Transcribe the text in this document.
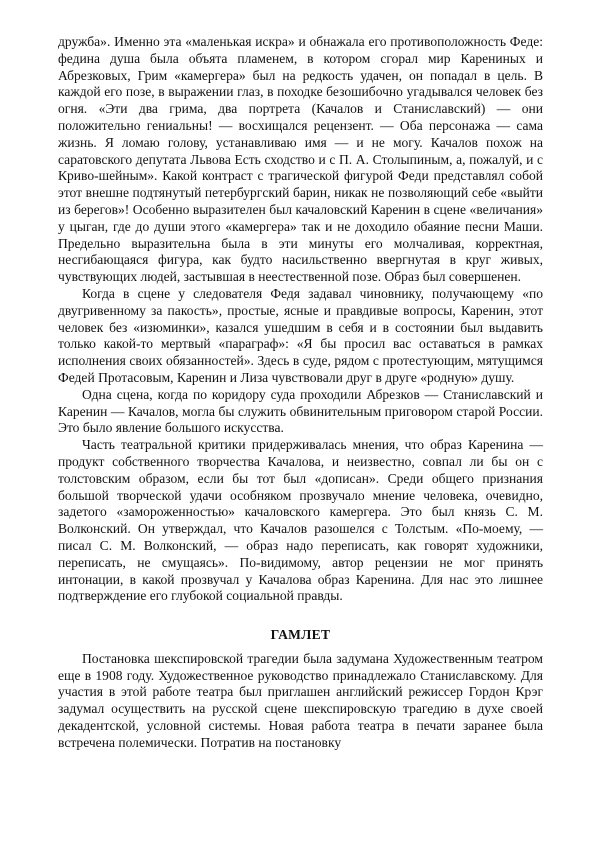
дружба». Именно эта «маленькая искра» и обнажала его противоположность Феде: федина душа была объята пламенем, в котором сгорал мир Карениных и Абрезковых, Грим «камергера» был на редкость удачен, он попадал в цель. В каждой его позе, в выражении глаз, в походке безошибочно угадывался человек без огня. «Эти два грима, два портрета (Качалов и Станиславский) — они положительно гениальны! — восхищался рецензент. — Оба персонажа — сама жизнь. Я ломаю голову, устанавливаю имя — и не могу. Качалов похож на саратовского депутата Львова Есть сходство и с П. А. Столыпиным, а, пожалуй, и с Криво-шейным». Какой контраст с трагической фигурой Феди представлял собой этот внешне подтянутый петербургский барин, никак не позволяющий себе «выйти из берегов»! Особенно выразителен был качаловский Каренин в сцене «величания» у цыган, где до души этого «камергера» так и не доходило обаяние песни Маши. Предельно выразительна была в эти минуты его молчаливая, корректная, несгибающаяся фигура, как будто насильственно ввергнутая в круг живых, чувствующих людей, застывшая в неестественной позе. Образ был совершенен.

Когда в сцене у следователя Федя задавал чиновнику, получающему «по двугривенному за пакость», простые, ясные и правдивые вопросы, Каренин, этот человек без «изюминки», казался ушедшим в себя и в состоянии был выдавить только какой-то мертвый «параграф»: «Я бы просил вас оставаться в рамках исполнения своих обязанностей». Здесь в суде, рядом с протестующим, мятущимся Федей Протасовым, Каренин и Лиза чувствовали друг в друге «родную» душу.

Одна сцена, когда по коридору суда проходили Абрезков — Станиславский и Каренин — Качалов, могла бы служить обвинительным приговором старой России. Это было явление большого искусства.

Часть театральной критики придерживалась мнения, что образ Каренина — продукт собственного творчества Качалова, и неизвестно, совпал ли бы он с толстовским образом, если бы тот был «дописан». Среди общего признания большой творческой удачи особняком прозвучало мнение человека, очевидно, задетого «замороженностью» качаловского камергера. Это был князь С. М. Волконский. Он утверждал, что Качалов разошелся с Толстым. «По-моему, — писал С. М. Волконский, — образ надо переписать, как говорят художники, переписать, не смущаясь». По-видимому, автор рецензии не мог принять интонации, в какой прозвучал у Качалова образ Каренина. Для нас это лишнее подтверждение его глубокой социальной правды.

ГАМЛЕТ

Постановка шекспировской трагедии была задумана Художественным театром еще в 1908 году. Художественное руководство принадлежало Станиславскому. Для участия в этой работе театра был приглашен английский режиссер Гордон Крэг задумал осуществить на русской сцене шекспировскую трагедию в духе своей декадентской, условной системы. Новая работа театра в печати заранее была встречена полемически. Потратив на постановку
